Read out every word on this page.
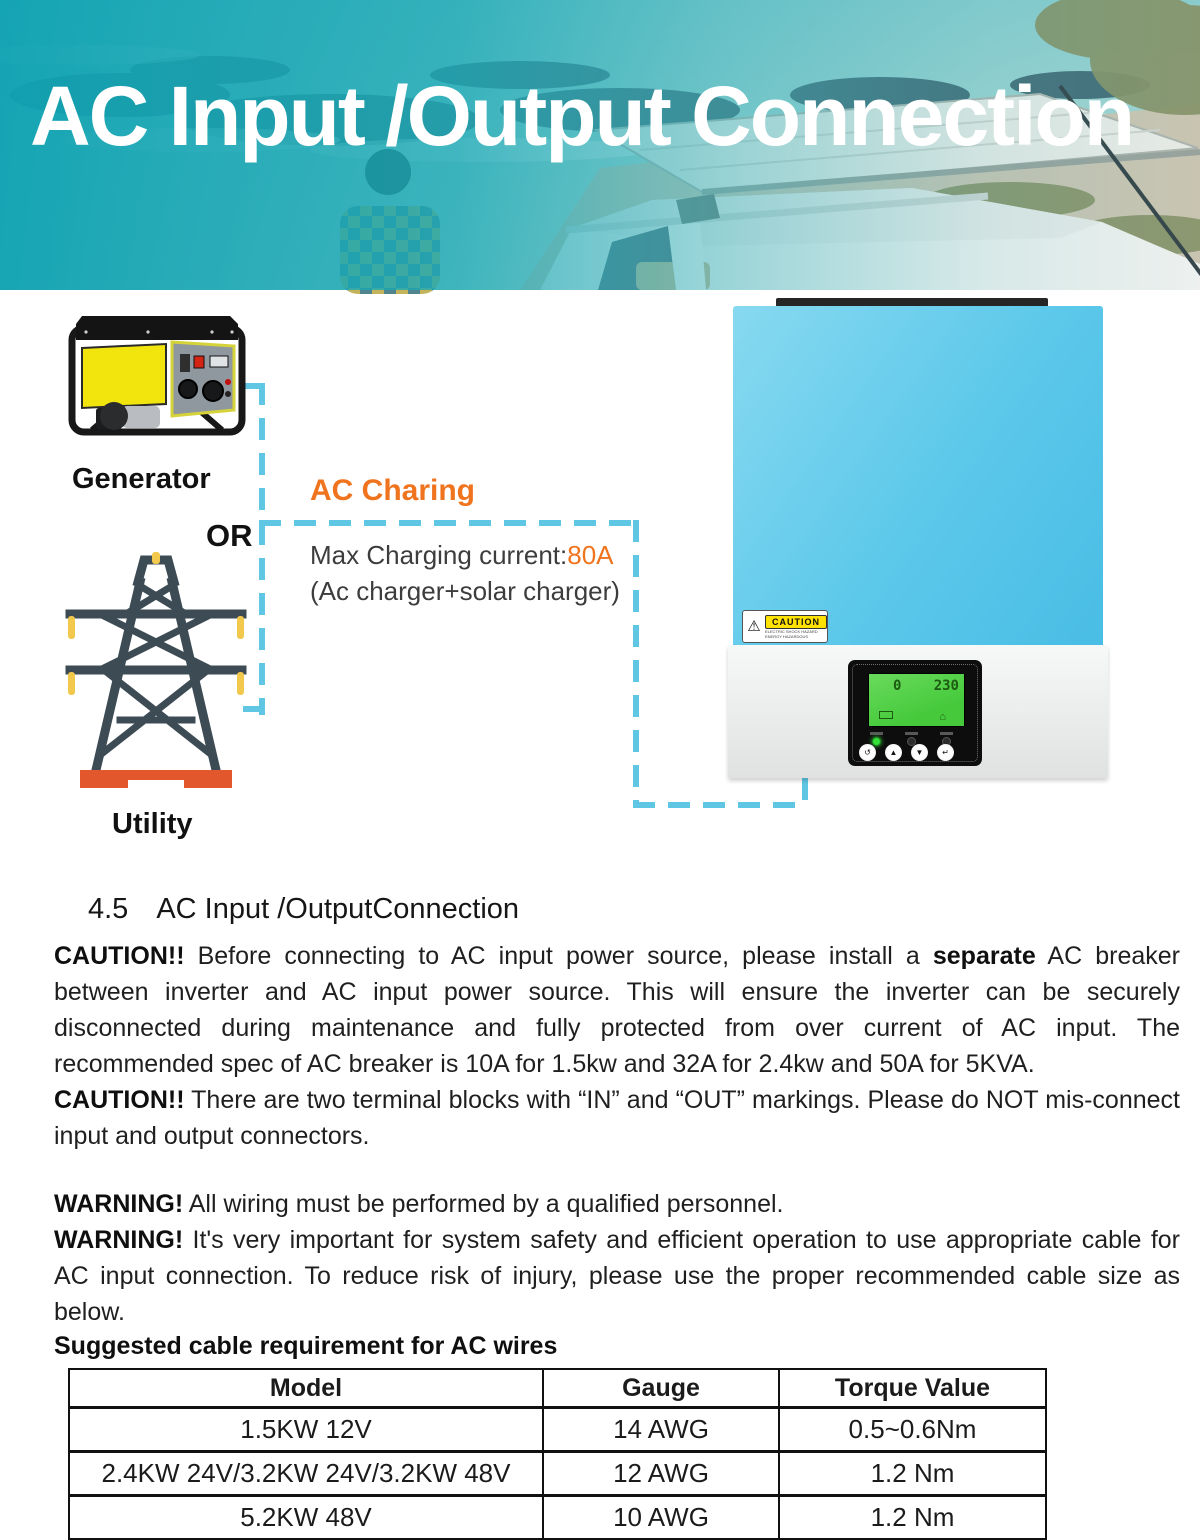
AC Input /Output Connection
Generator
OR
AC Charing
Max Charging current:80A
(Ac charger+solar charger)
Utility
⚠	CAUTION
ELECTRIC SHOCK HAZARD
ENERGY HAZARDOUS
0 230
⌂
↺	▲	▼	↵
4.5 AC Input /OutputConnection

CAUTION!! Before connecting to AC input power source, please install a separate AC breaker between inverter and AC input power source. This will ensure the inverter can be securely disconnected during maintenance and fully protected from over current of AC input. The recommended spec of AC breaker is 10A for 1.5kw and 32A for 2.4kw and 50A for 5KVA.

CAUTION!! There are two terminal blocks with “IN” and “OUT” markings. Please do NOT mis-connect input and output connectors.

WARNING! All wiring must be performed by a qualified personnel.

WARNING! It's very important for system safety and efficient operation to use appropriate cable for AC input connection. To reduce risk of injury, please use the proper recommended cable size as below.

Suggested cable requirement for AC wires

Model	Gauge	Torque Value
1.5KW 12V	14 AWG	0.5~0.6Nm
2.4KW 24V/3.2KW 24V/3.2KW 48V	12 AWG	1.2 Nm
5.2KW 48V	10 AWG	1.2 Nm
